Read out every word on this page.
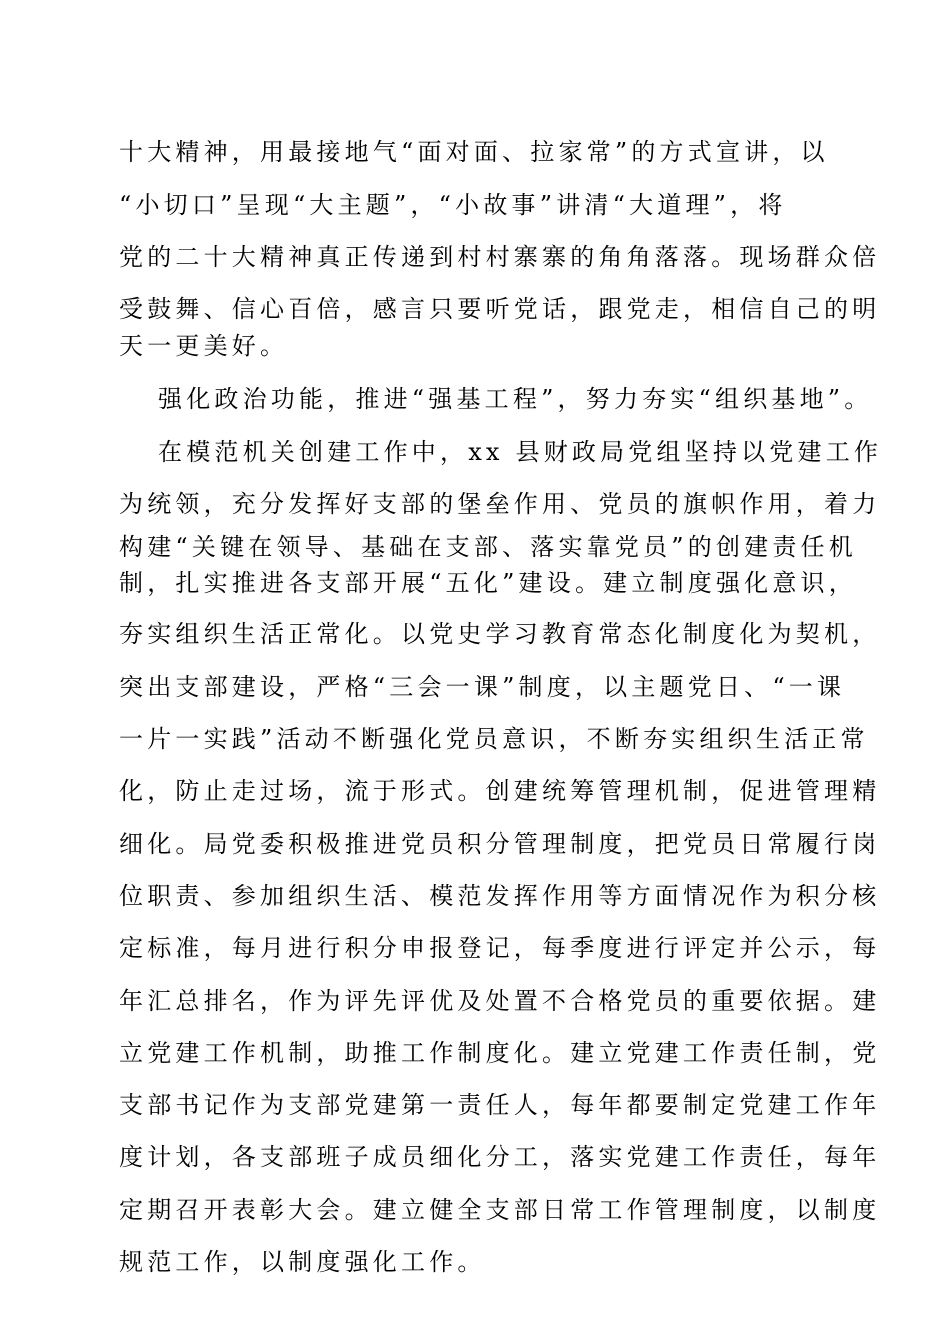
十大精神，用最接地气“面对面、拉家常”的方式宣讲，以
“小切口”呈现“大主题”，“小故事”讲清“大道理”，将
党的二十大精神真正传递到村村寨寨的角角落落。现场群众倍
受鼓舞、信心百倍，感言只要听党话，跟党走，相信自己的明
天一更美好。
强化政治功能，推进“强基工程”，努力夯实“组织基地”。
在模范机关创建工作中，xx 县财政局党组坚持以党建工作
为统领，充分发挥好支部的堡垒作用、党员的旗帜作用，着力
构建“关键在领导、基础在支部、落实靠党员”的创建责任机
制，扎实推进各支部开展“五化”建设。建立制度强化意识，
夯实组织生活正常化。以党史学习教育常态化制度化为契机，
突出支部建设，严格“三会一课”制度，以主题党日、“一课
一片一实践”活动不断强化党员意识，不断夯实组织生活正常
化，防止走过场，流于形式。创建统筹管理机制，促进管理精
细化。局党委积极推进党员积分管理制度，把党员日常履行岗
位职责、参加组织生活、模范发挥作用等方面情况作为积分核
定标准，每月进行积分申报登记，每季度进行评定并公示，每
年汇总排名，作为评先评优及处置不合格党员的重要依据。建
立党建工作机制，助推工作制度化。建立党建工作责任制，党
支部书记作为支部党建第一责任人，每年都要制定党建工作年
度计划，各支部班子成员细化分工，落实党建工作责任，每年
定期召开表彰大会。建立健全支部日常工作管理制度，以制度
规范工作，以制度强化工作。
